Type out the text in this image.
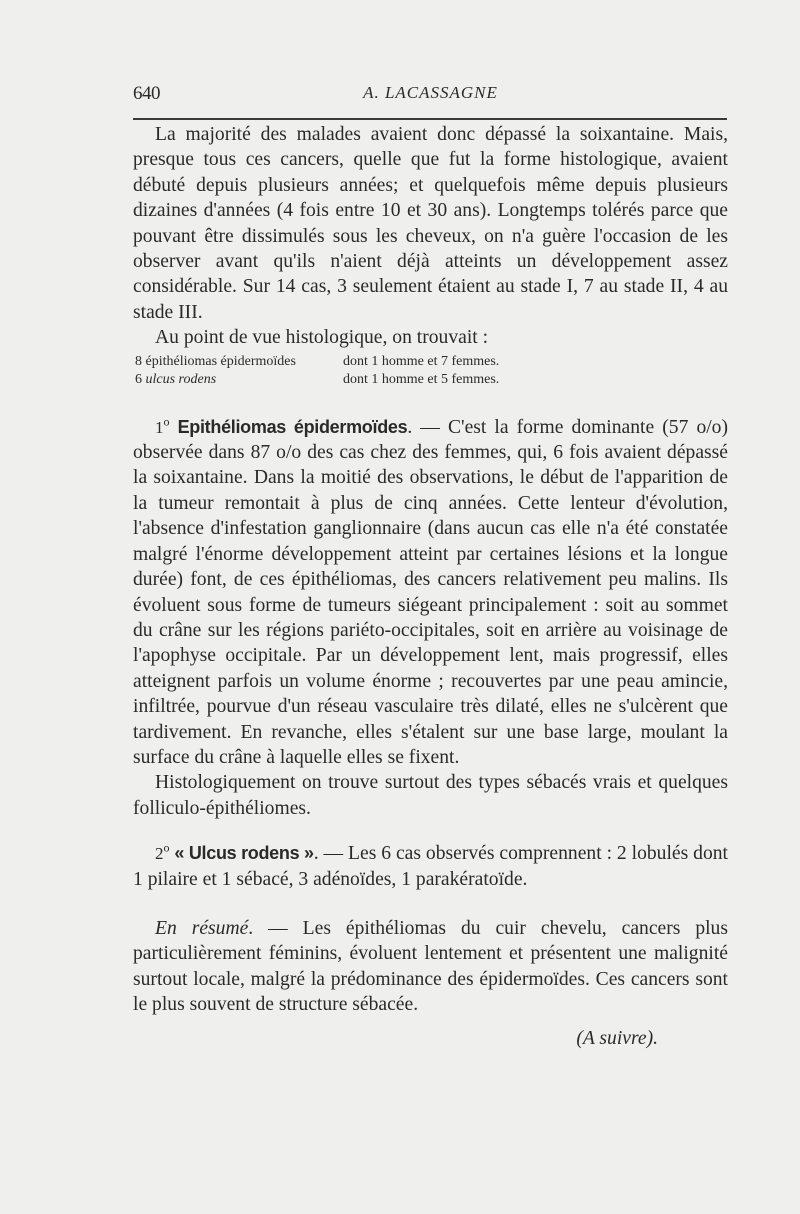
640	A. LACASSAGNE

La majorité des malades avaient donc dépassé la soixantaine. Mais, presque tous ces cancers, quelle que fut la forme histologique, avaient débuté depuis plusieurs années; et quelquefois même depuis plusieurs dizaines d'années (4 fois entre 10 et 30 ans). Longtemps tolérés parce que pouvant être dissimulés sous les cheveux, on n'a guère l'occasion de les observer avant qu'ils n'aient déjà atteints un développement assez considérable. Sur 14 cas, 3 seulement étaient au stade I, 7 au stade II, 4 au stade III.

Au point de vue histologique, on trouvait :

8 épithéliomas épidermoïdes	dont 1 homme et 7 femmes.
6 ulcus rodens	dont 1 homme et 5 femmes.

1$^o$ Epithéliomas épidermoïdes. — C'est la forme dominante (57 o/o) observée dans 87 o/o des cas chez des femmes, qui, 6 fois avaient dépassé la soixantaine. Dans la moitié des observations, le début de l'apparition de la tumeur remontait à plus de cinq années. Cette lenteur d'évolution, l'absence d'infestation ganglionnaire (dans aucun cas elle n'a été constatée malgré l'énorme développement atteint par certaines lésions et la longue durée) font, de ces épithéliomas, des cancers relativement peu malins. Ils évoluent sous forme de tumeurs siégeant principalement : soit au sommet du crâne sur les régions pariéto-occipitales, soit en arrière au voisinage de l'apophyse occipitale. Par un développement lent, mais progressif, elles atteignent parfois un volume énorme ; recouvertes par une peau amincie, infiltrée, pourvue d'un réseau vasculaire très dilaté, elles ne s'ulcèrent que tardivement. En revanche, elles s'étalent sur une base large, moulant la surface du crâne à laquelle elles se fixent.

Histologiquement on trouve surtout des types sébacés vrais et quelques folliculo-épithéliomes.

2$^o$ « Ulcus rodens ». — Les 6 cas observés comprennent : 2 lobulés dont 1 pilaire et 1 sébacé, 3 adénoïdes, 1 parakératoïde.

En résumé. — Les épithéliomas du cuir chevelu, cancers plus particulièrement féminins, évoluent lentement et présentent une malignité surtout locale, malgré la prédominance des épidermoïdes. Ces cancers sont le plus souvent de structure sébacée.

(A suivre).
